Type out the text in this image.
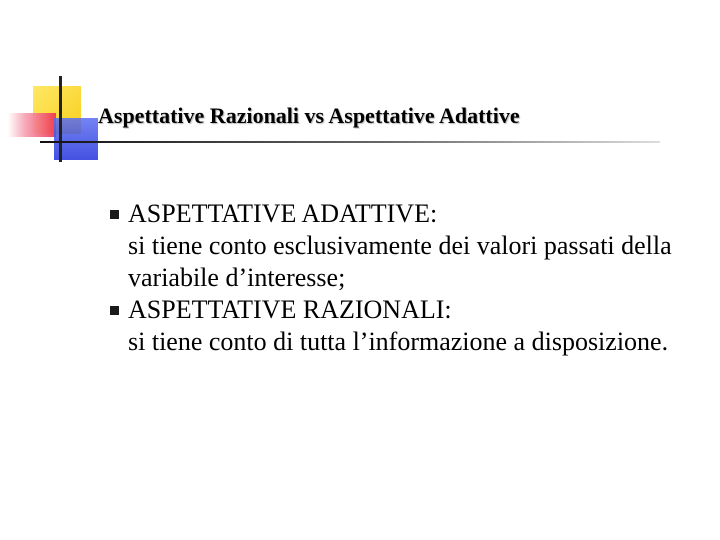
Aspettative Razionali vs Aspettative Adattive
ASPETTATIVE ADATTIVE:
si tiene conto esclusivamente dei valori passati della variabile d’interesse;
ASPETTATIVE RAZIONALI:
si tiene conto di tutta l’informazione a disposizione.
